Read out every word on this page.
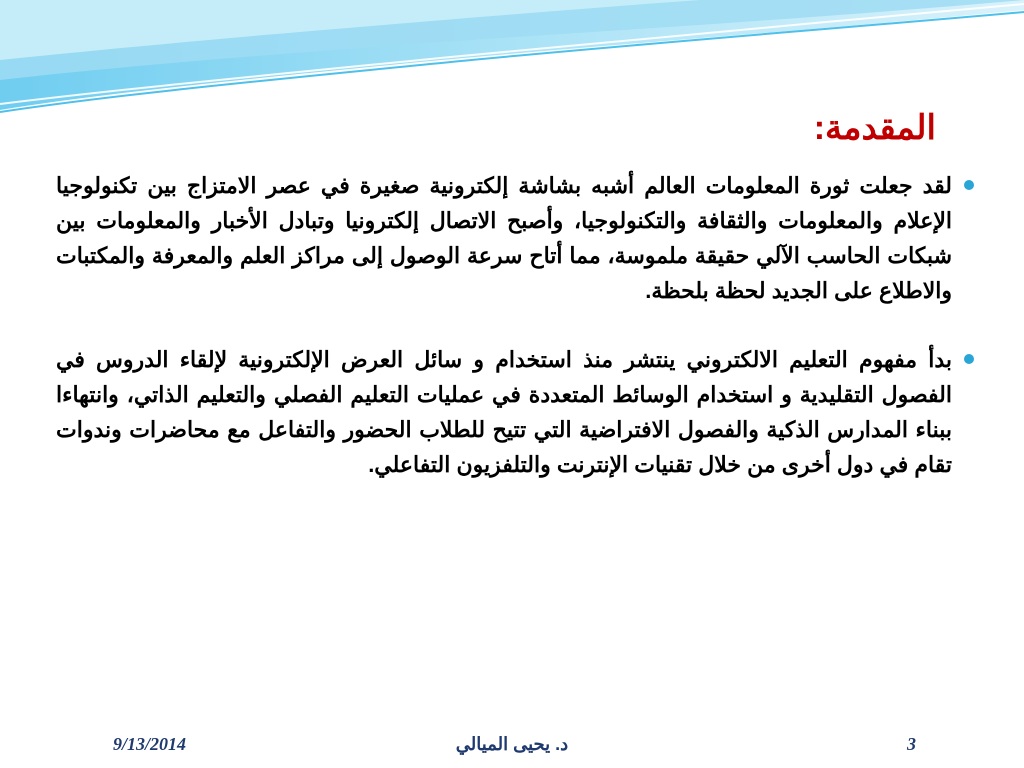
المقدمة:

لقد جعلت ثورة المعلومات العالم أشبه بشاشة إلكترونية صغيرة في عصر الامتزاج بين تكنولوجيا الإعلام والمعلومات والثقافة والتكنولوجيا، وأصبح الاتصال إلكترونيا وتبادل الأخبار والمعلومات بين شبكات الحاسب الآلي حقيقة ملموسة، مما أتاح سرعة الوصول إلى مراكز العلم والمعرفة والمكتبات والاطلاع على الجديد لحظة بلحظة.

بدأ مفهوم التعليم الالكتروني ينتشر منذ استخدام و سائل العرض الإلكترونية لإلقاء الدروس في الفصول التقليدية و استخدام الوسائط المتعددة في عمليات التعليم الفصلي والتعليم الذاتي، وانتهاءا ببناء المدارس الذكية والفصول الافتراضية التي تتيح للطلاب الحضور والتفاعل مع محاضرات وندوات تقام في دول أخرى من خلال تقنيات الإنترنت والتلفزيون التفاعلي.

9/13/2014	د. يحيى الميالي	3
